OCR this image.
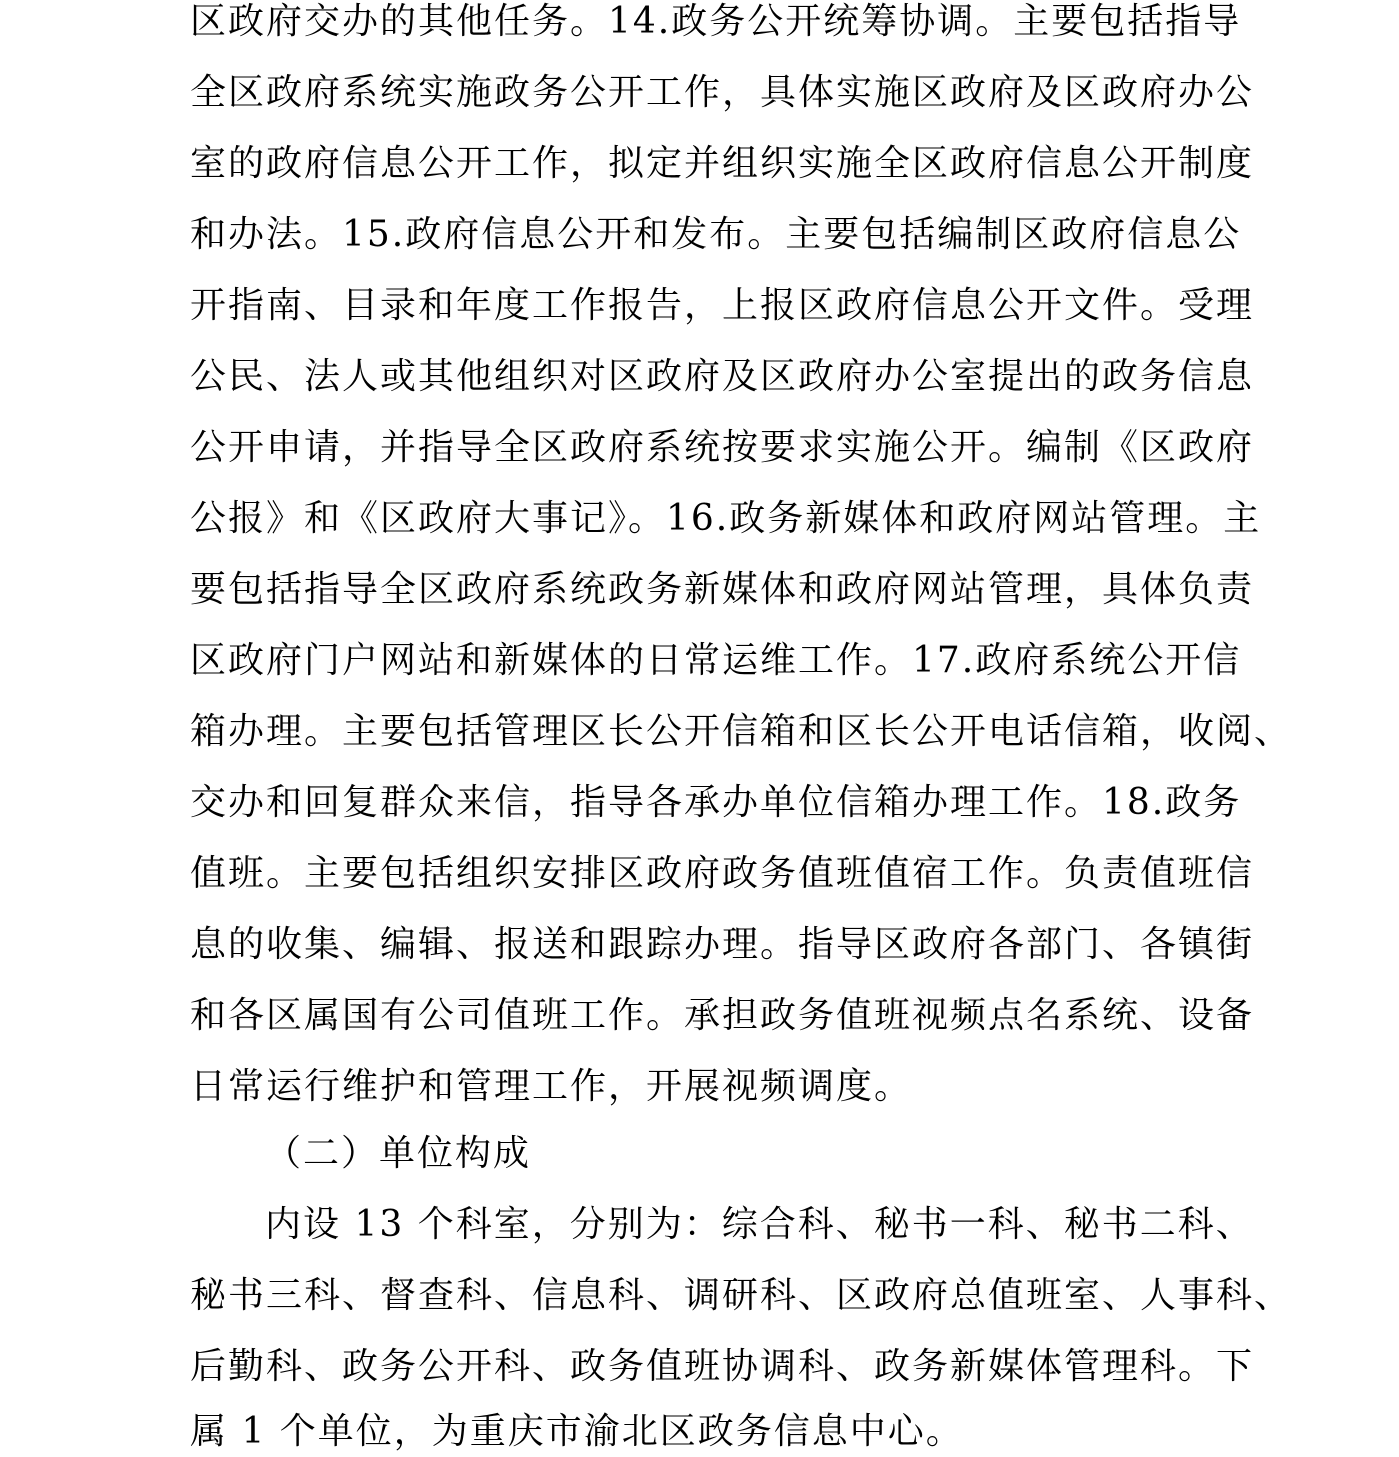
区政府交办的其他任务。14.政务公开统筹协调。主要包括指导
全区政府系统实施政务公开工作，具体实施区政府及区政府办公
室的政府信息公开工作，拟定并组织实施全区政府信息公开制度
和办法。15.政府信息公开和发布。主要包括编制区政府信息公
开指南、目录和年度工作报告，上报区政府信息公开文件。受理
公民、法人或其他组织对区政府及区政府办公室提出的政务信息
公开申请，并指导全区政府系统按要求实施公开。编制《区政府
公报》和《区政府大事记》。16.政务新媒体和政府网站管理。主
要包括指导全区政府系统政务新媒体和政府网站管理，具体负责
区政府门户网站和新媒体的日常运维工作。17.政府系统公开信
箱办理。主要包括管理区长公开信箱和区长公开电话信箱，收阅、
交办和回复群众来信，指导各承办单位信箱办理工作。18.政务
值班。主要包括组织安排区政府政务值班值宿工作。负责值班信
息的收集、编辑、报送和跟踪办理。指导区政府各部门、各镇街
和各区属国有公司值班工作。承担政务值班视频点名系统、设备
日常运行维护和管理工作，开展视频调度。
（二）单位构成
内设 13 个科室，分别为：综合科、秘书一科、秘书二科、
秘书三科、督查科、信息科、调研科、区政府总值班室、人事科、
后勤科、政务公开科、政务值班协调科、政务新媒体管理科。下
属 1 个单位，为重庆市渝北区政务信息中心。
